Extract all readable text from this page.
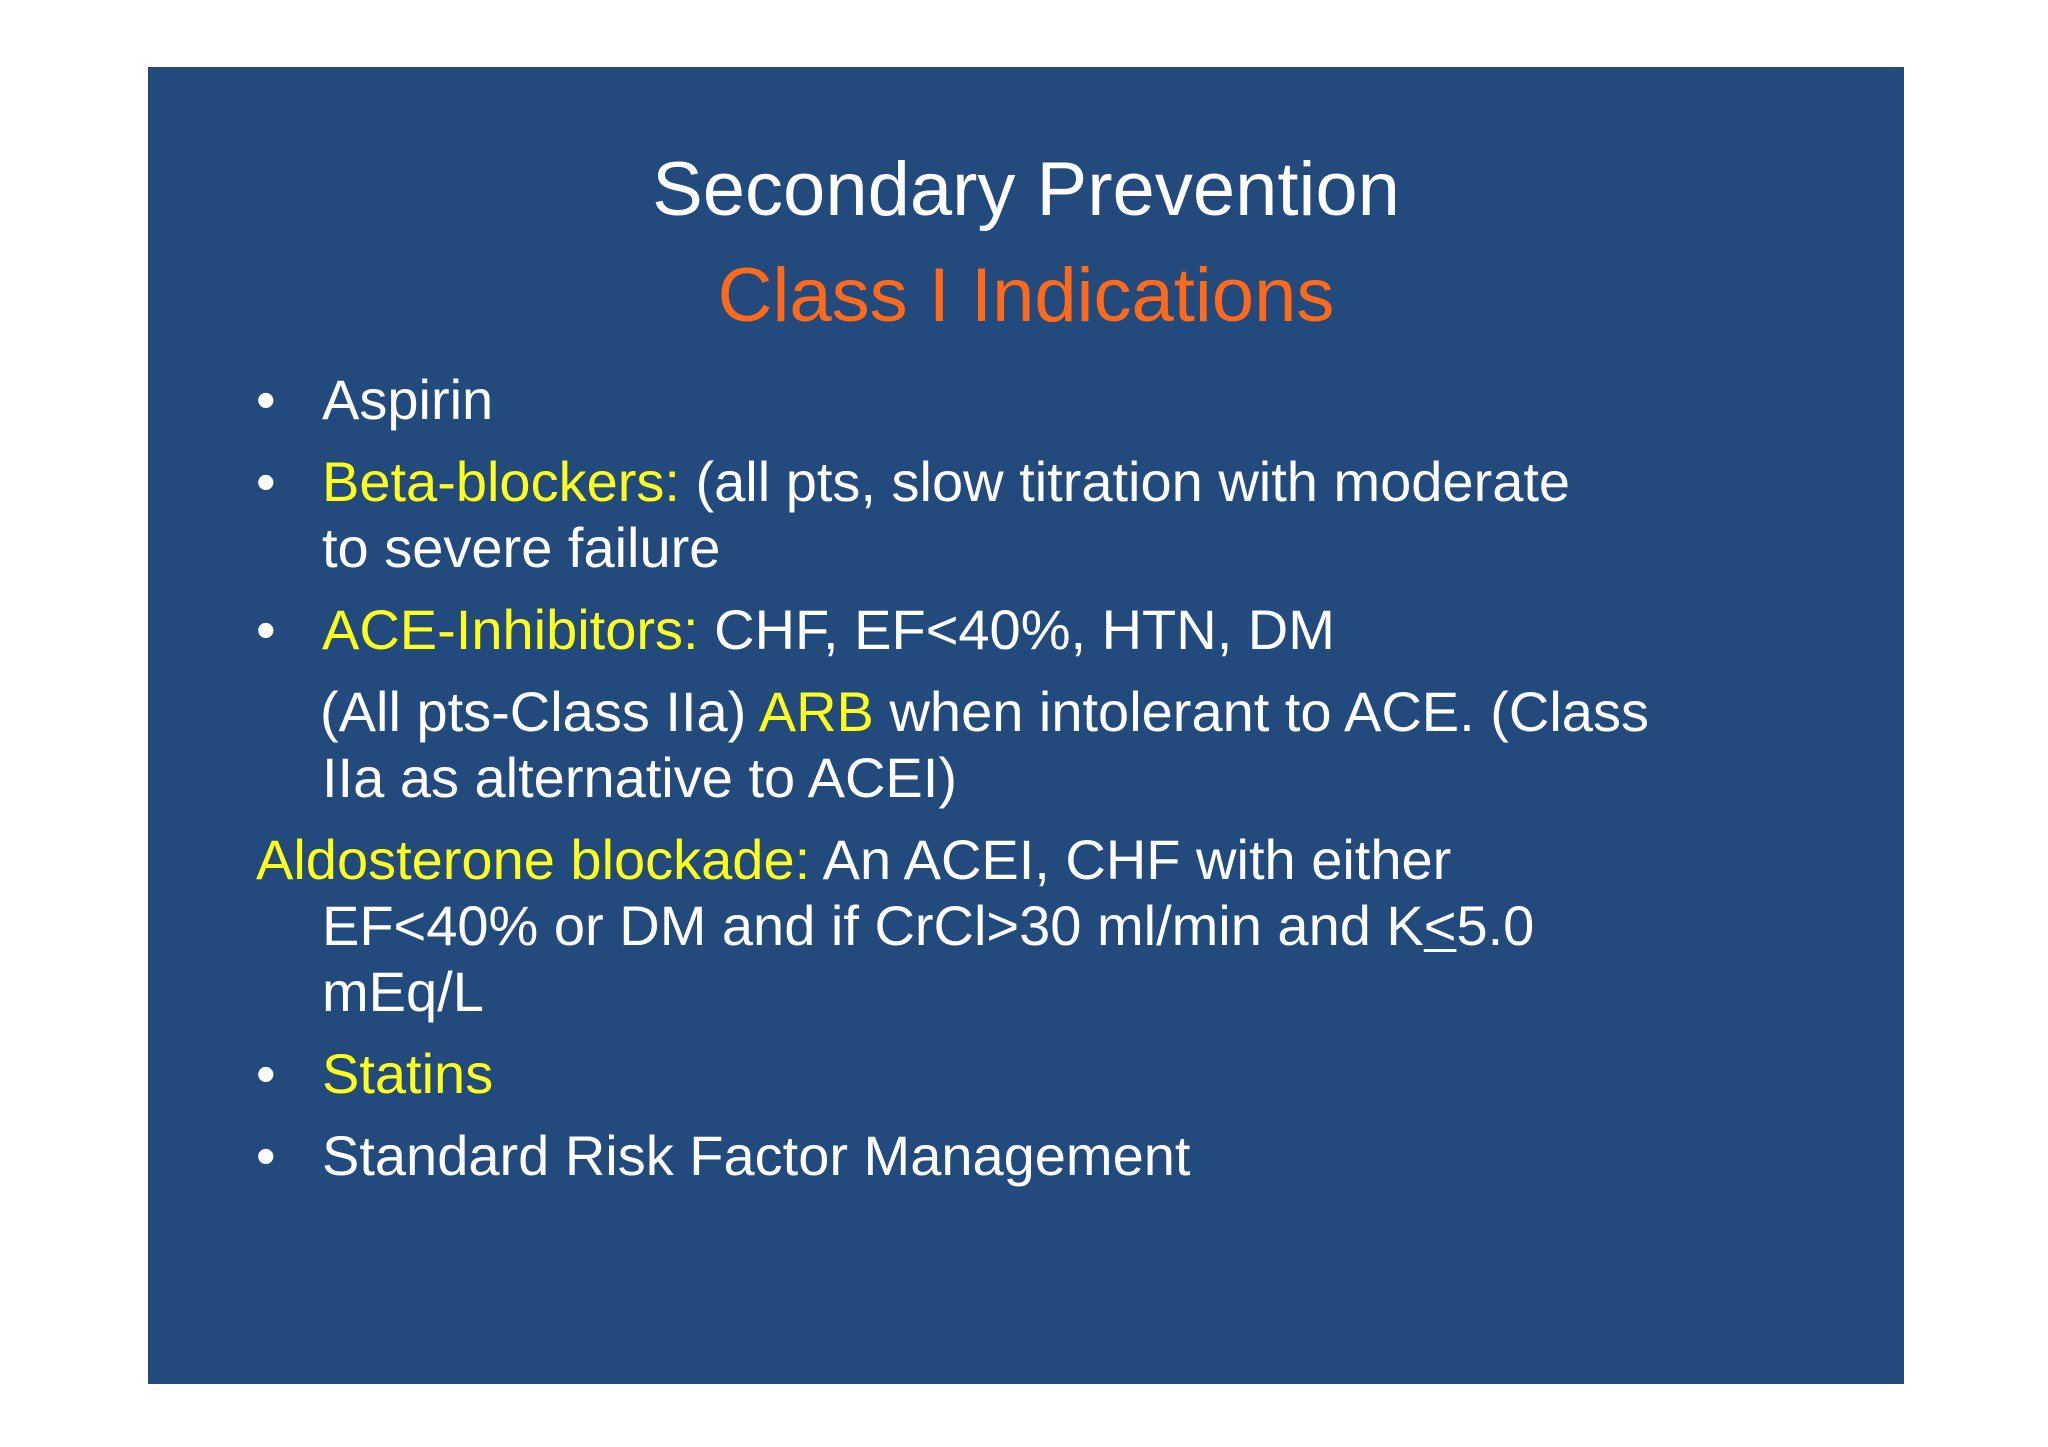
Secondary Prevention
Class I Indications
• Aspirin
• Beta-blockers: (all pts, slow titration with moderate
to severe failure
• ACE-Inhibitors: CHF, EF<40%, HTN, DM
(All pts-Class IIa) ARB when intolerant to ACE. (Class
IIa as alternative to ACEI)
Aldosterone blockade: An ACEI, CHF with either
EF<40% or DM and if CrCl>30 ml/min and K≤5.0
mEq/L
• Statins
• Standard Risk Factor Management
